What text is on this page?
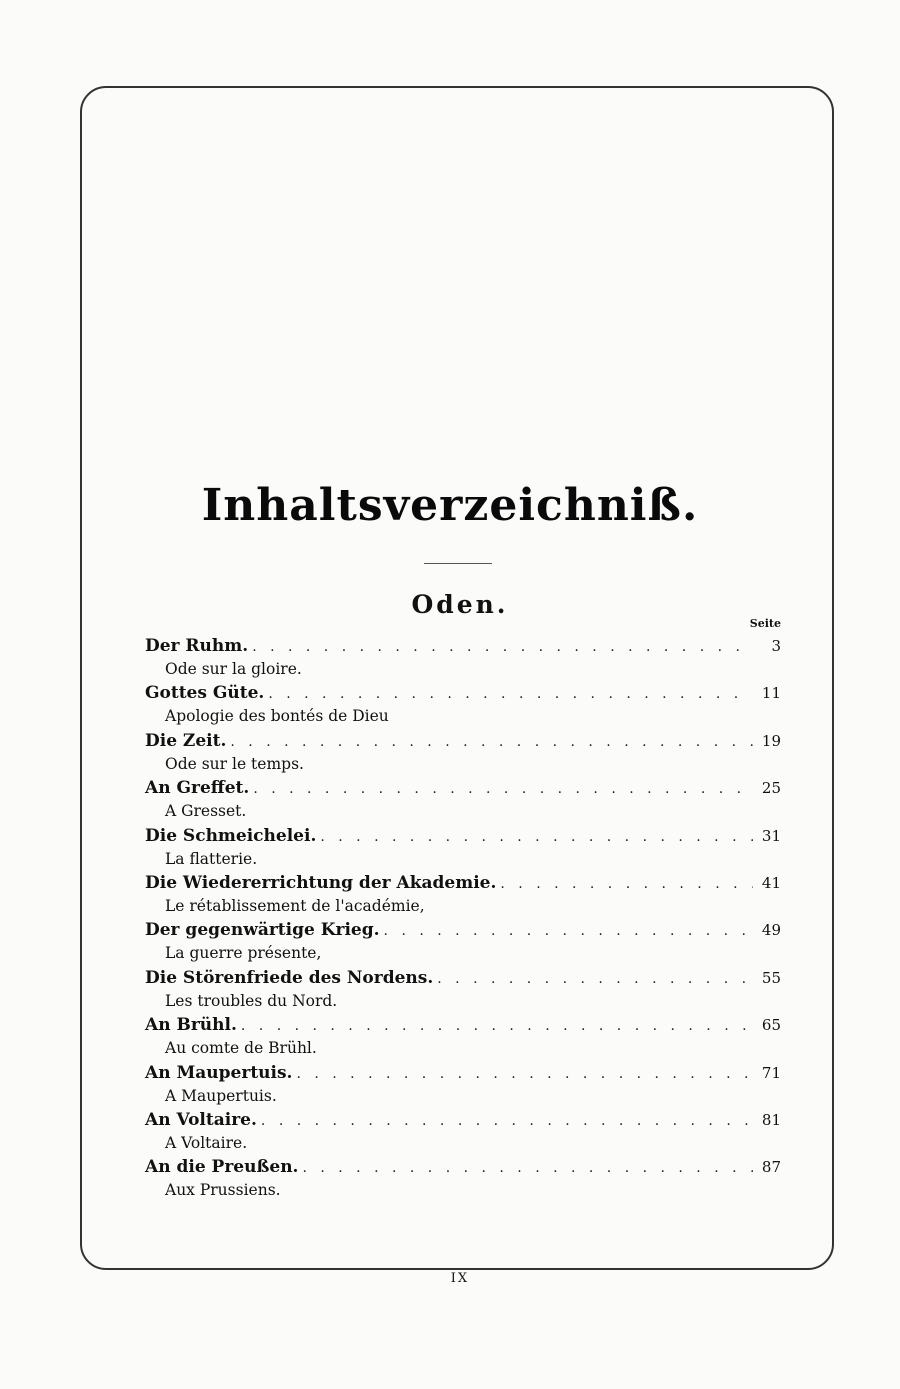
Inhaltsverzeichniß.
Oden.
Seite
Der Ruhm. . . .	3
Ode sur la gloire.
Gottes Güte. . . .	11
Apologie des bontés de Dieu
Die Zeit. . . .	19
Ode sur le temps.
An Greffet. . . .	25
A Gresset.
Die Schmeichelei. . . .	31
La flatterie.
Die Wiedererrichtung der Akademie. . . .	41
Le rétablissement de l'académie,
Der gegenwärtige Krieg. . . .	49
La guerre présente,
Die Störenfriede des Nordens. . . .	55
Les troubles du Nord.
An Brühl. . . .	65
Au comte de Brühl.
An Maupertuis. . . .	71
A Maupertuis.
An Voltaire. . . .	81
A Voltaire.
An die Preußen. . . .	87
Aux Prussiens.
IX
